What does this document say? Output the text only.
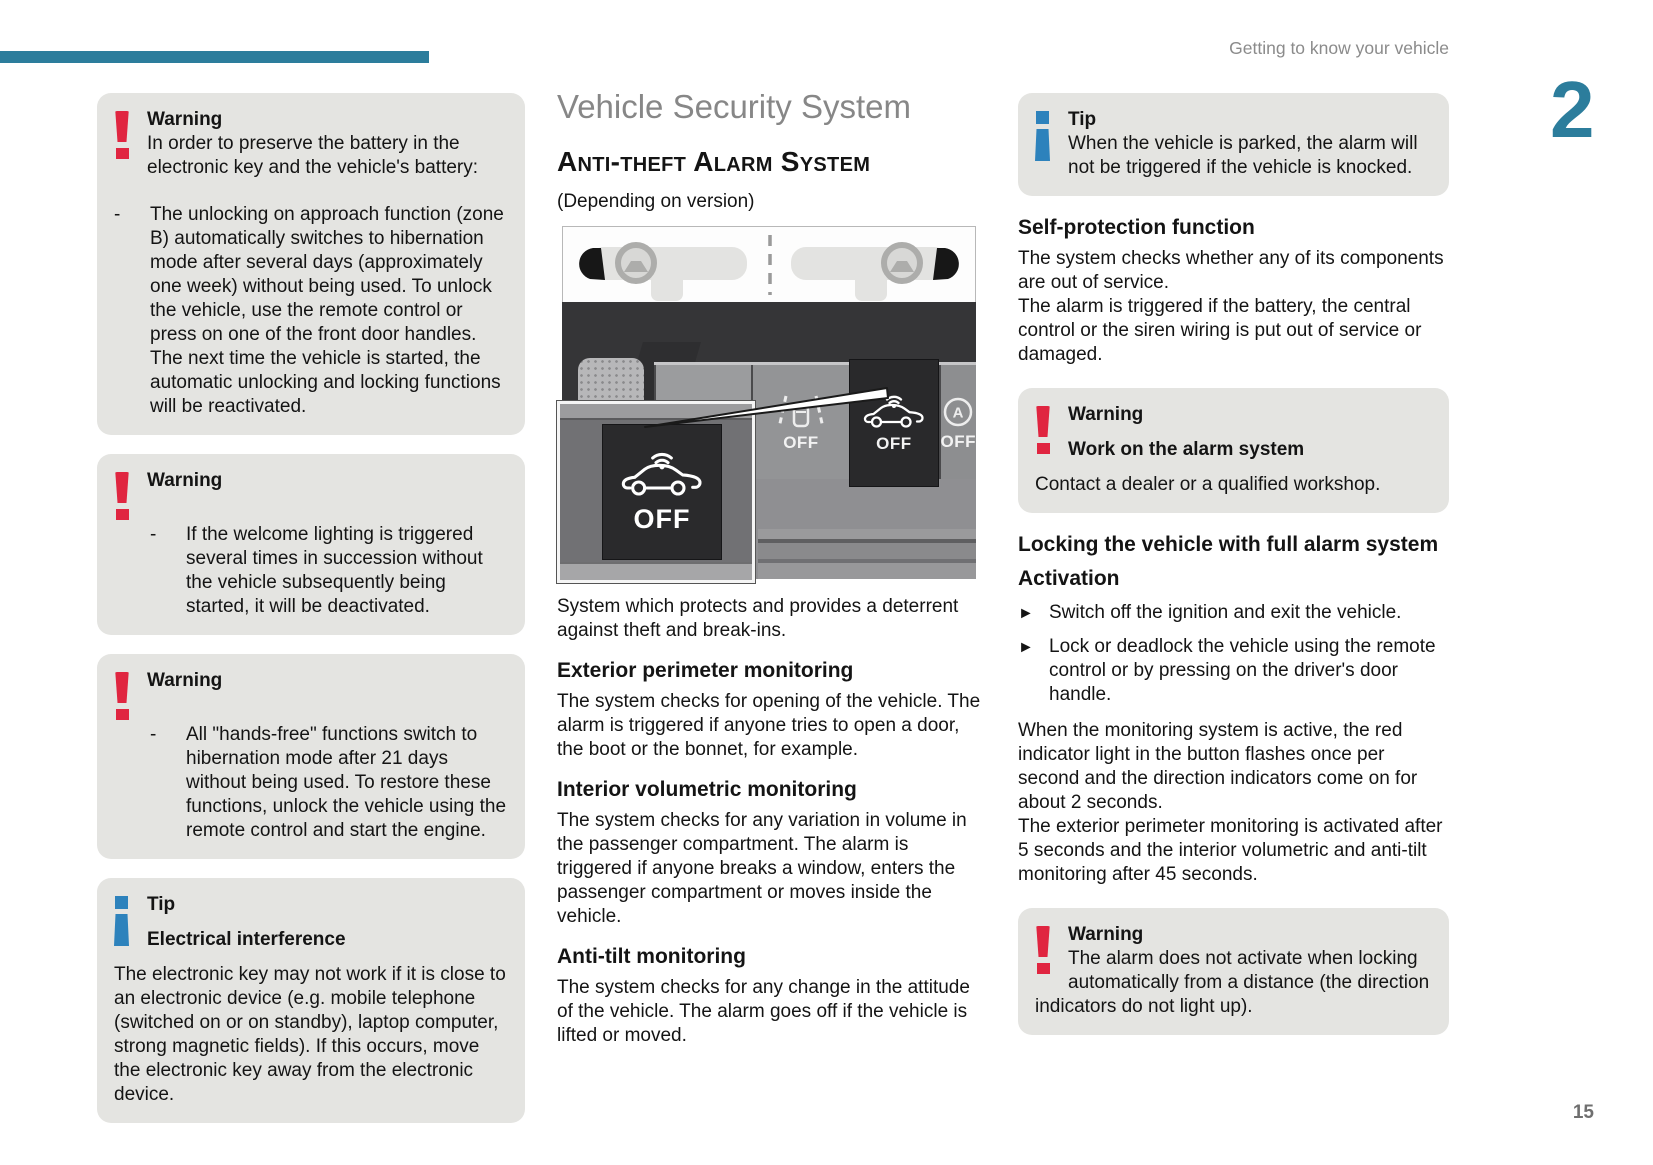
Getting to know your vehicle
2
Warning
In order to preserve the battery in the electronic key and the vehicle's battery:
-	The unlocking on approach function (zone B) automatically switches to hibernation mode after several days (approximately one week) without being used. To unlock the vehicle, use the remote control or press on one of the front door handles. The next time the vehicle is started, the automatic unlocking and locking functions will be reactivated.
Warning
-	If the welcome lighting is triggered several times in succession without the vehicle subsequently being started, it will be deactivated.
Warning
-	All "hands-free" functions switch to hibernation mode after 21 days without being used. To restore these functions, unlock the vehicle using the remote control and start the engine.
Tip
Electrical interference
The electronic key may not work if it is close to an electronic device (e.g. mobile telephone (switched on or on standby), laptop computer, strong magnetic fields). If this occurs, move the electronic key away from the electronic device.
Vehicle Security System
Anti-theft Alarm System

(Depending on version)

OFF	OFF
A
OFF
OFF

System which protects and provides a deterrent against theft and break-ins.

Exterior perimeter monitoring

The system checks for opening of the vehicle. The alarm is triggered if anyone tries to open a door, the boot or the bonnet, for example.

Interior volumetric monitoring

The system checks for any variation in volume in the passenger compartment. The alarm is triggered if anyone breaks a window, enters the passenger compartment or moves inside the vehicle.

Anti-tilt monitoring

The system checks for any change in the attitude of the vehicle. The alarm goes off if the vehicle is lifted or moved.

Tip
When the vehicle is parked, the alarm will not be triggered if the vehicle is knocked.
Self-protection function

The system checks whether any of its components are out of service.

The alarm is triggered if the battery, the central control or the siren wiring is put out of service or damaged.

Warning
Work on the alarm system
Contact a dealer or a qualified workshop.
Locking the vehicle with full alarm system
Activation
► Switch off the ignition and exit the vehicle.
► Lock or deadlock the vehicle using the remote control or by pressing on the driver's door handle.

When the monitoring system is active, the red indicator light in the button flashes once per second and the direction indicators come on for about 2 seconds.

The exterior perimeter monitoring is activated after 5 seconds and the interior volumetric and anti-tilt monitoring after 45 seconds.

Warning
The alarm does not activate when locking automatically from a distance (the direction indicators do not light up).
15
